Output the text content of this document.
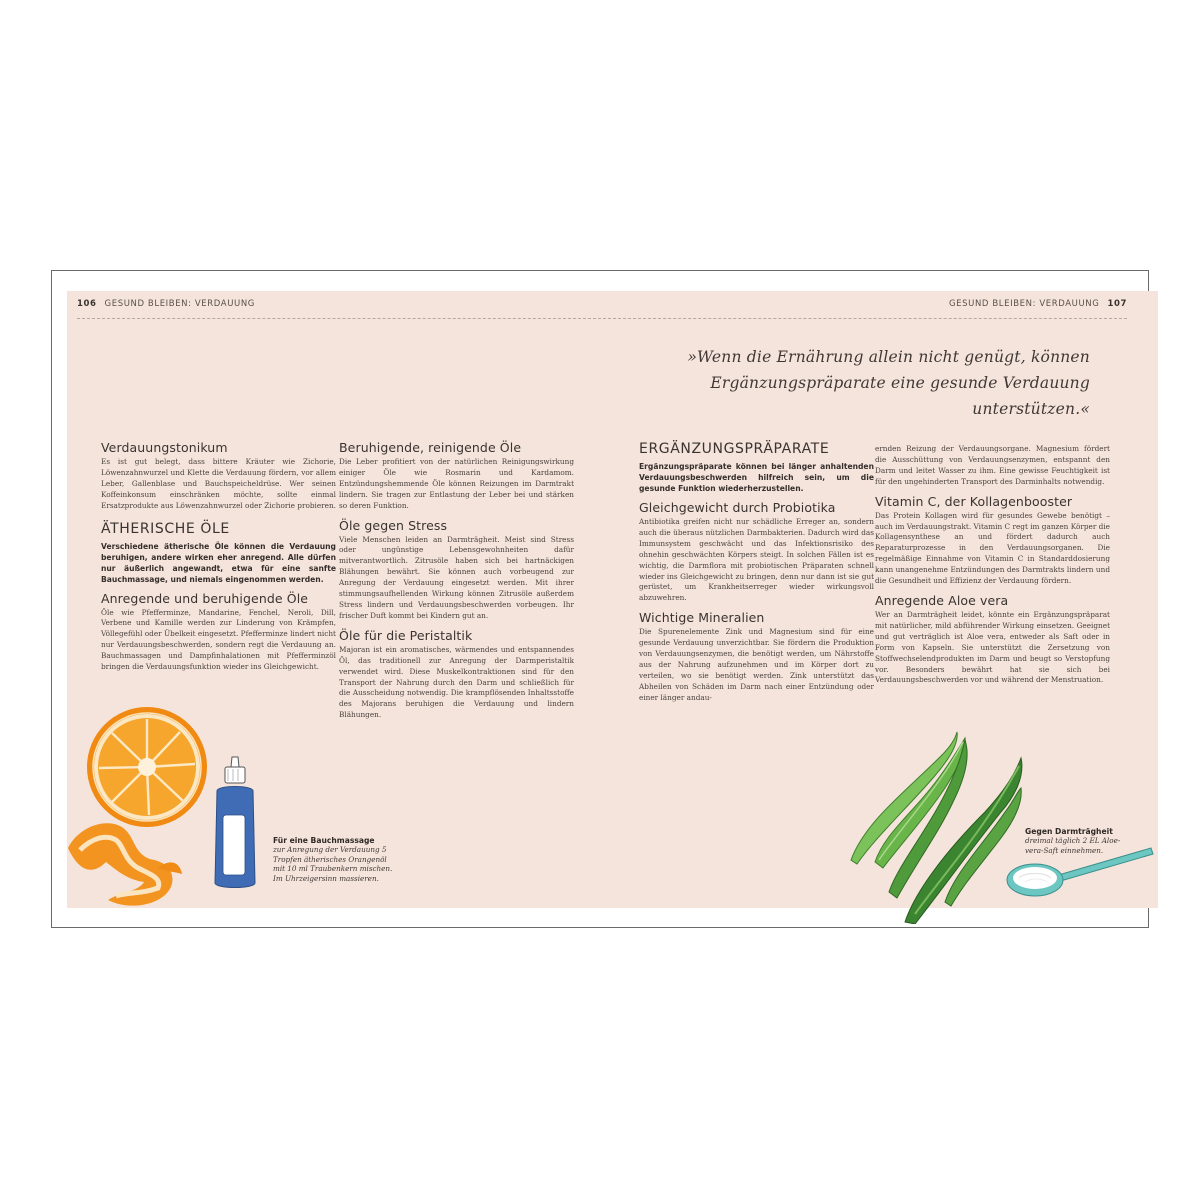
106 GESUND BLEIBEN: VERDAUUNG	GESUND BLEIBEN: VERDAUUNG 107
»Wenn die Ernährung allein nicht genügt, können
Ergänzungspräparate eine gesunde Verdauung unterstützen.«
Verdauungstonikum

Es ist gut belegt, dass bittere Kräuter wie Zichorie, Löwenzahnwurzel und Klette die Verdauung fördern, vor allem Leber, Gallenblase und Bauchspeicheldrüse. Wer seinen Koffeinkonsum einschränken möchte, sollte einmal Ersatzprodukte aus Löwenzahnwurzel oder Zichorie probieren.

ÄTHERISCHE ÖLE

Verschiedene ätherische Öle können die Verdauung beruhigen, andere wirken eher anregend. Alle dürfen nur äußerlich angewandt, etwa für eine sanfte Bauchmassage, und niemals eingenommen werden.

Anregende und beruhigende Öle

Öle wie Pfefferminze, Mandarine, Fenchel, Neroli, Dill, Verbene und Kamille werden zur Linderung von Krämpfen, Völlegefühl oder Übelkeit eingesetzt. Pfefferminze lindert nicht nur Verdauungsbeschwerden, sondern regt die Verdauung an. Bauchmassagen und Dampfinhalationen mit Pfefferminzöl bringen die Verdauungsfunktion wieder ins Gleichgewicht.

Beruhigende, reinigende Öle

Die Leber profitiert von der natürlichen Reinigungswirkung einiger Öle wie Rosmarin und Kardamom. Entzündungshemmende Öle können Reizungen im Darmtrakt lindern. Sie tragen zur Entlastung der Leber bei und stärken so deren Funktion.

Öle gegen Stress

Viele Menschen leiden an Darmträgheit. Meist sind Stress oder ungünstige Lebensgewohnheiten dafür mitverantwortlich. Zitrusöle haben sich bei hartnäckigen Blähungen bewährt. Sie können auch vorbeugend zur Anregung der Verdauung eingesetzt werden. Mit ihrer stimmungsaufhellenden Wirkung können Zitrusöle außerdem Stress lindern und Verdauungsbeschwerden vorbeugen. Ihr frischer Duft kommt bei Kindern gut an.

Öle für die Peristaltik

Majoran ist ein aromatisches, wärmendes und entspannendes Öl, das traditionell zur Anregung der Darmperistaltik verwendet wird. Diese Muskelkontraktionen sind für den Transport der Nahrung durch den Darm und schließlich für die Ausscheidung notwendig. Die krampflösenden Inhaltsstoffe des Majorans beruhigen die Verdauung und lindern Blähungen.

ERGÄNZUNGSPRÄPARATE

Ergänzungspräparate können bei länger anhaltenden Verdauungsbeschwerden hilfreich sein, um die gesunde Funktion wiederherzustellen.

Gleichgewicht durch Probiotika

Antibiotika greifen nicht nur schädliche Erreger an, sondern auch die überaus nützlichen Darmbakterien. Dadurch wird das Immunsystem geschwächt und das Infektionsrisiko des ohnehin geschwächten Körpers steigt. In solchen Fällen ist es wichtig, die Darmflora mit probiotischen Präparaten schnell wieder ins Gleichgewicht zu bringen, denn nur dann ist sie gut gerüstet, um Krankheitserreger wieder wirkungsvoll abzuwehren.

Wichtige Mineralien

Die Spurenelemente Zink und Magnesium sind für eine gesunde Verdauung unverzichtbar. Sie fördern die Produktion von Verdauungsenzymen, die benötigt werden, um Nährstoffe aus der Nahrung aufzunehmen und im Körper dort zu verteilen, wo sie benötigt werden. Zink unterstützt das Abheilen von Schäden im Darm nach einer Entzündung oder einer länger andau-

ernden Reizung der Verdauungsorgane. Magnesium fördert die Ausschüttung von Verdauungsenzymen, entspannt den Darm und leitet Wasser zu ihm. Eine gewisse Feuchtigkeit ist für den ungehinderten Transport des Darminhalts notwendig.

Vitamin C, der Kollagenbooster

Das Protein Kollagen wird für gesundes Gewebe benötigt – auch im Verdauungstrakt. Vitamin C regt im ganzen Körper die Kollagensynthese an und fördert dadurch auch Reparaturprozesse in den Verdauungsorganen. Die regelmäßige Einnahme von Vitamin C in Standarddosierung kann unangenehme Entzündungen des Darmtrakts lindern und die Gesundheit und Effizienz der Verdauung fördern.

Anregende Aloe vera

Wer an Darmträgheit leidet, könnte ein Ergänzungspräparat mit natürlicher, mild abführender Wirkung einsetzen. Geeignet und gut verträglich ist Aloe vera, entweder als Saft oder in Form von Kapseln. Sie unterstützt die Zersetzung von Stoffwechselendprodukten im Darm und beugt so Verstopfung vor. Besonders bewährt hat sie sich bei Verdauungsbeschwerden vor und während der Menstruation.

Für eine Bauchmassage
zur Anregung der Verdauung 5 Tropfen ätherisches Orangenöl mit 10 ml Traubenkern mischen. Im Uhrzeigersinn massieren.
Gegen Darmträgheit
dreimal täglich 2 EL Aloe-vera-Saft einnehmen.
